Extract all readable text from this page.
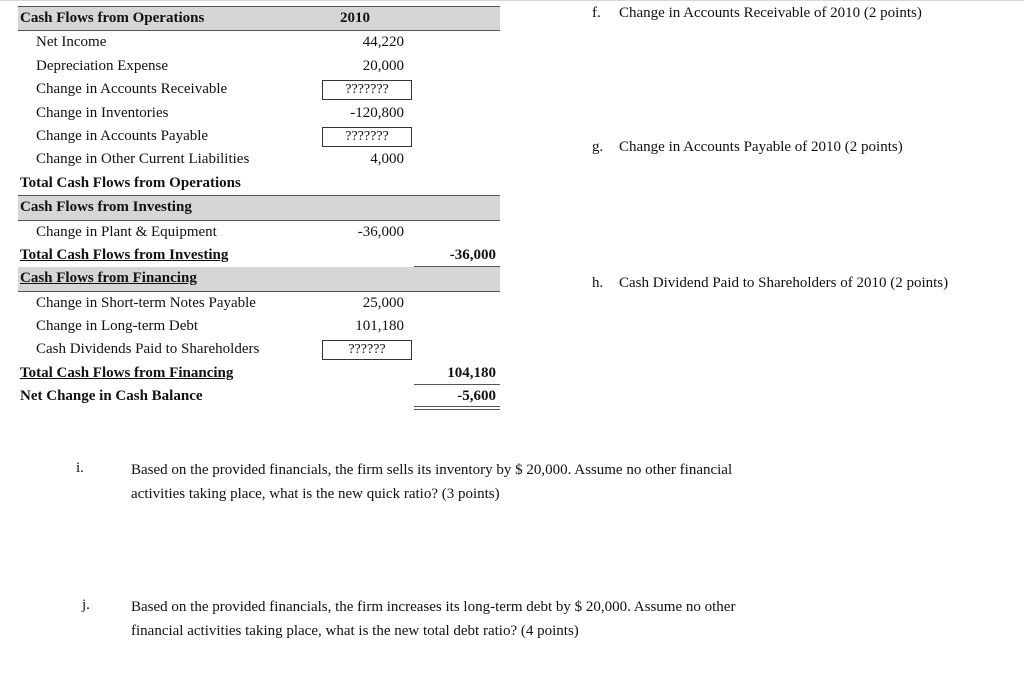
Cash Flows from Operations	2010
Net Income	44,220
Depreciation Expense	20,000
Change in Accounts Receivable	???????
Change in Inventories	-120,800
Change in Accounts Payable	???????
Change in Other Current Liabilities	4,000
Total Cash Flows from Operations
Cash Flows from Investing
Change in Plant & Equipment	-36,000
Total Cash Flows from Investing	-36,000
Cash Flows from Financing
Change in Short-term Notes Payable	25,000
Change in Long-term Debt	101,180
Cash Dividends Paid to Shareholders	??????
Total Cash Flows from Financing	104,180
Net Change in Cash Balance	-5,600
f. Change in Accounts Receivable of 2010 (2 points)
g. Change in Accounts Payable of 2010 (2 points)
h. Cash Dividend Paid to Shareholders of 2010 (2 points)
i.	Based on the provided financials, the firm sells its inventory by $ 20,000. Assume no other financial
activities taking place, what is the new quick ratio? (3 points)
j.	Based on the provided financials, the firm increases its long-term debt by $ 20,000. Assume no other
financial activities taking place, what is the new total debt ratio? (4 points)
